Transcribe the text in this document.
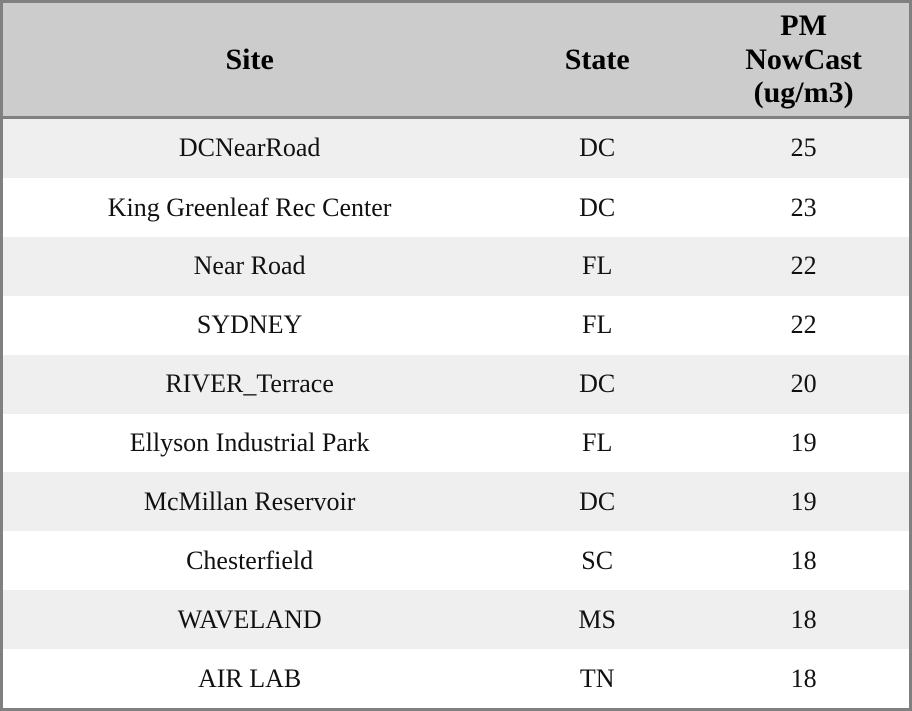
Site	State	PM
NowCast
(ug/m3)
DCNearRoad	DC	25
King Greenleaf Rec Center	DC	23
Near Road	FL	22
SYDNEY	FL	22
RIVER_Terrace	DC	20
Ellyson Industrial Park	FL	19
McMillan Reservoir	DC	19
Chesterfield	SC	18
WAVELAND	MS	18
AIR LAB	TN	18
